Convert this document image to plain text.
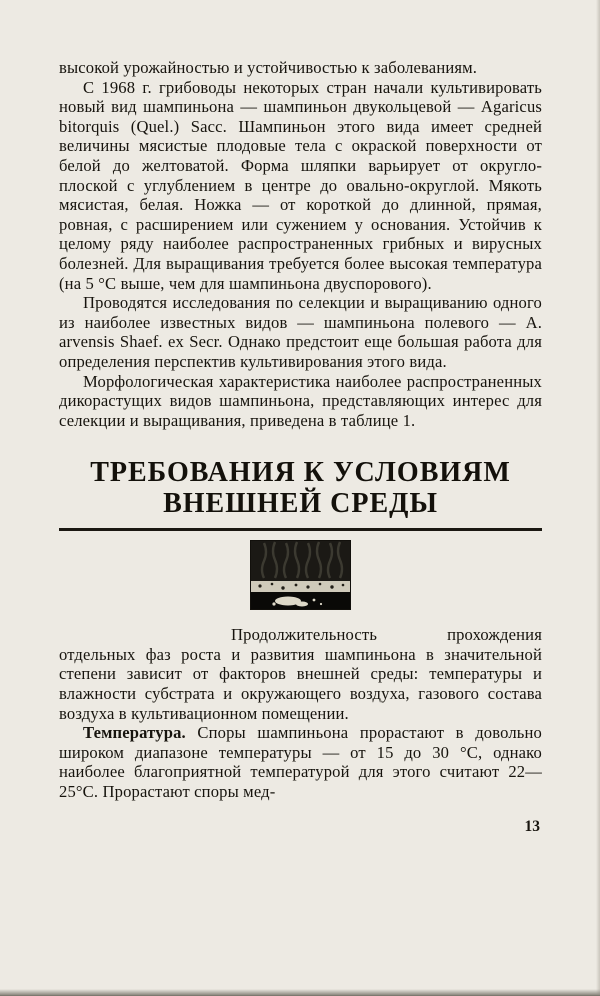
высокой урожайностью и устойчивостью к заболеваниям.

С 1968 г. грибоводы некоторых стран начали культивировать новый вид шампиньона — шампиньон двукольцевой — Agaricus bitorquis (Quel.) Sacc. Шампиньон этого вида имеет средней величины мясистые плодовые тела с окраской поверхности от белой до желтоватой. Форма шляпки варьирует от округло-плоской с углублением в центре до овально-округлой. Мякоть мясистая, белая. Ножка — от короткой до длинной, прямая, ровная, с расширением или сужением у основания. Устойчив к целому ряду наиболее распространенных грибных и вирусных болезней. Для выращивания требуется более высокая температура (на 5 °С выше, чем для шампиньона двуспорового).

Проводятся исследования по селекции и выращиванию одного из наиболее известных видов — шампиньона полевого — A. arvensis Shaef. ex Secr. Однако предстоит еще большая работа для определения перспектив культивирования этого вида.

Морфологическая характеристика наиболее распространенных дикорастущих видов шампиньона, представляющих интерес для селекции и выращивания, приведена в таблице 1.

ТРЕБОВАНИЯ К УСЛОВИЯМ
ВНЕШНЕЙ СРЕДЫ

Продолжительность прохождения отдельных фаз роста и развития шампиньона в значительной степени зависит от факторов внешней среды: температуры и влажности субстрата и окружающего воздуха, газового состава воздуха в культивационном помещении.

Температура. Споры шампиньона прорастают в довольно широком диапазоне температуры — от 15 до 30 °С, однако наиболее благоприятной температурой для этого считают 22—25°С. Прорастают споры мед-

13
